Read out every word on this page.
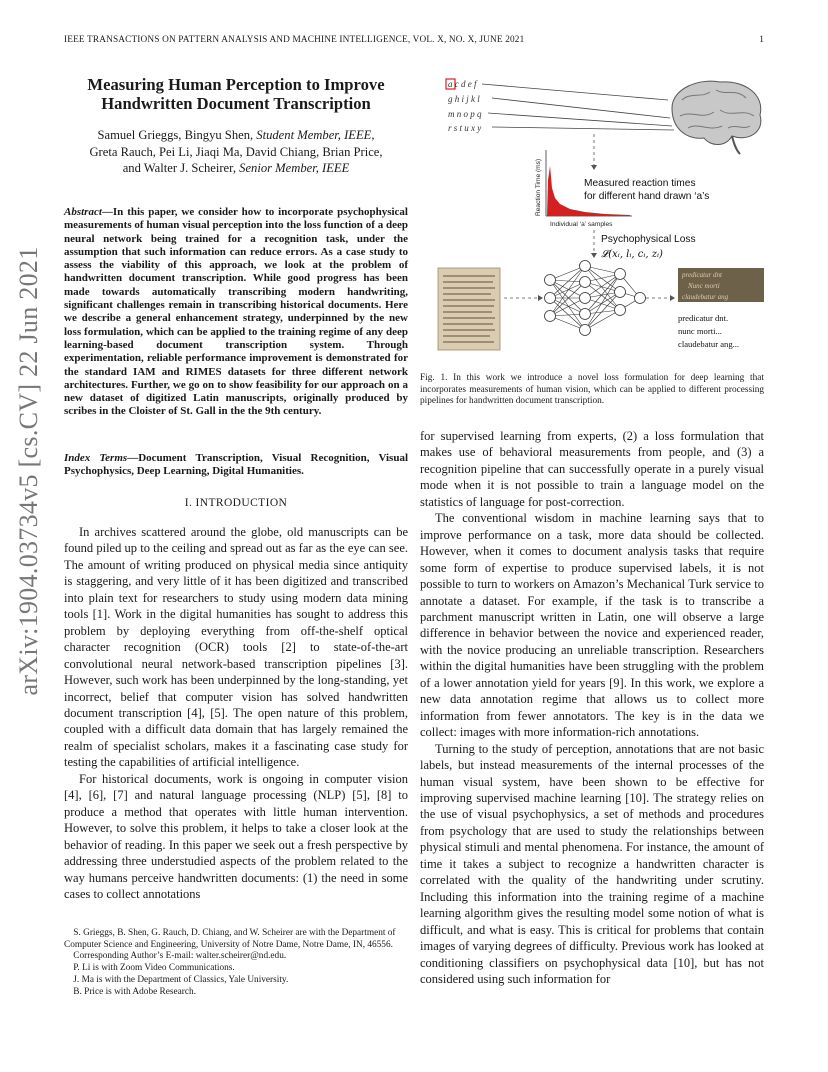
IEEE TRANSACTIONS ON PATTERN ANALYSIS AND MACHINE INTELLIGENCE, VOL. X, NO. X, JUNE 2021	1
arXiv:1904.03734v5 [cs.CV] 22 Jun 2021
Measuring Human Perception to Improve Handwritten Document Transcription
Samuel Grieggs, Bingyu Shen, Student Member, IEEE,
Greta Rauch, Pei Li, Jiaqi Ma, David Chiang, Brian Price,
and Walter J. Scheirer, Senior Member, IEEE
Abstract—In this paper, we consider how to incorporate psychophysical measurements of human visual perception into the loss function of a deep neural network being trained for a recognition task, under the assumption that such information can reduce errors. As a case study to assess the viability of this approach, we look at the problem of handwritten document transcription. While good progress has been made towards automatically transcribing modern handwriting, significant challenges remain in transcribing historical documents. Here we describe a general enhancement strategy, underpinned by the new loss formulation, which can be applied to the training regime of any deep learning-based document transcription system. Through experimentation, reliable performance improvement is demonstrated for the standard IAM and RIMES datasets for three different network architectures. Further, we go on to show feasibility for our approach on a new dataset of digitized Latin manuscripts, originally produced by scribes in the Cloister of St. Gall in the the 9th century.
Index Terms—Document Transcription, Visual Recognition, Visual Psychophysics, Deep Learning, Digital Humanities.
I. INTRODUCTION

In archives scattered around the globe, old manuscripts can be found piled up to the ceiling and spread out as far as the eye can see. The amount of writing produced on physical media since antiquity is staggering, and very little of it has been digitized and transcribed into plain text for researchers to study using modern data mining tools [1]. Work in the digital humanities has sought to address this problem by deploying everything from off-the-shelf optical character recognition (OCR) tools [2] to state-of-the-art convolutional neural network-based transcription pipelines [3]. However, such work has been underpinned by the long-standing, yet incorrect, belief that computer vision has solved handwritten document transcription [4], [5]. The open nature of this problem, coupled with a difficult data domain that has largely remained the realm of specialist scholars, makes it a fascinating case study for testing the capabilities of artificial intelligence.

For historical documents, work is ongoing in computer vision [4], [6], [7] and natural language processing (NLP) [5], [8] to produce a method that operates with little human intervention. However, to solve this problem, it helps to take a closer look at the behavior of reading. In this paper we seek out a fresh perspective by addressing three understudied aspects of the problem related to the way humans perceive handwritten documents: (1) the need in some cases to collect annotations

S. Grieggs, B. Shen, G. Rauch, D. Chiang, and W. Scheirer are with the Department of Computer Science and Engineering, University of Notre Dame, Notre Dame, IN, 46556.

Corresponding Author’s E-mail: walter.scheirer@nd.edu.

P. Li is with Zoom Video Communications.

J. Ma is with the Department of Classics, Yale University.

B. Price is with Adobe Research.

a c d e f
g h i j k l
m n o p q
r s t u x y
Reaction Time (ms)
Individual ‘a’ samples
Measured reaction times
for different hand drawn ‘a’s
Psychophysical Loss
𝓛(xᵢ, lᵢ, cᵢ, zᵢ)
predicatur dnt
Nunc morti
claudebatur ang
predicatur dnt.
nunc morti...
claudebatur ang...
Fig. 1. In this work we introduce a novel loss formulation for deep learning that incorporates measurements of human vision, which can be applied to different processing pipelines for handwritten document transcription.

for supervised learning from experts, (2) a loss formulation that makes use of behavioral measurements from people, and (3) a recognition pipeline that can successfully operate in a purely visual mode when it is not possible to train a language model on the statistics of language for post-correction.

The conventional wisdom in machine learning says that to improve performance on a task, more data should be collected. However, when it comes to document analysis tasks that require some form of expertise to produce supervised labels, it is not possible to turn to workers on Amazon’s Mechanical Turk service to annotate a dataset. For example, if the task is to transcribe a parchment manuscript written in Latin, one will observe a large difference in behavior between the novice and experienced reader, with the novice producing an unreliable transcription. Researchers within the digital humanities have been struggling with the problem of a lower annotation yield for years [9]. In this work, we explore a new data annotation regime that allows us to collect more information from fewer annotators. The key is in the data we collect: images with more information-rich annotations.

Turning to the study of perception, annotations that are not basic labels, but instead measurements of the internal processes of the human visual system, have been shown to be effective for improving supervised machine learning [10]. The strategy relies on the use of visual psychophysics, a set of methods and procedures from psychology that are used to study the relationships between physical stimuli and mental phenomena. For instance, the amount of time it takes a subject to recognize a handwritten character is correlated with the quality of the handwriting under scrutiny. Including this information into the training regime of a machine learning algorithm gives the resulting model some notion of what is difficult, and what is easy. This is critical for problems that contain images of varying degrees of difficulty. Previous work has looked at conditioning classifiers on psychophysical data [10], but has not considered using such information for
